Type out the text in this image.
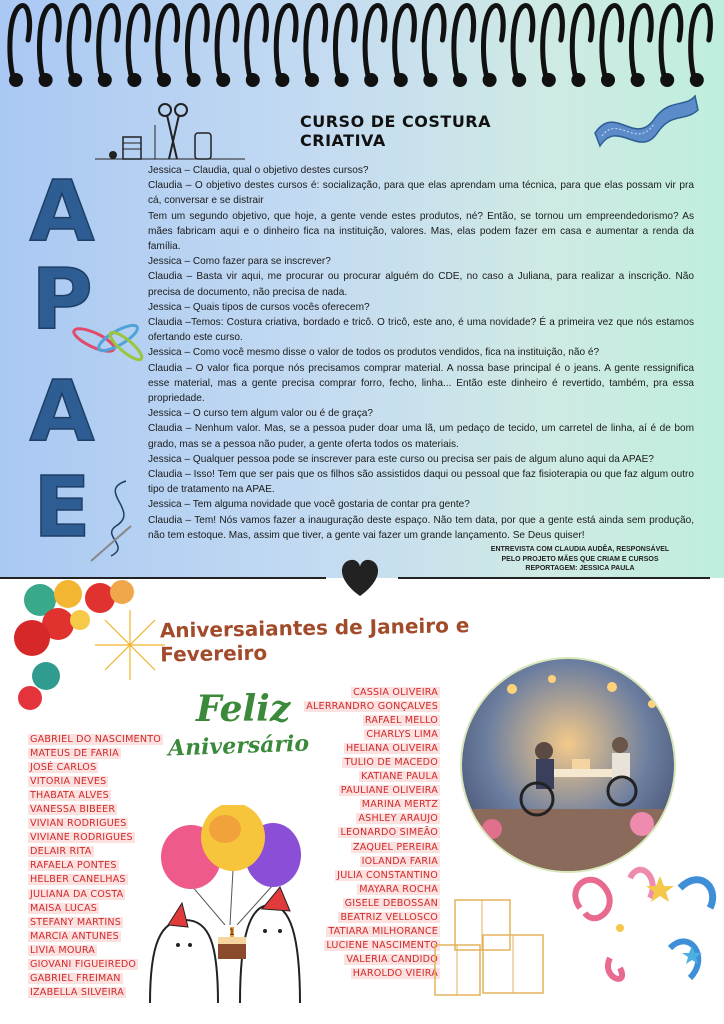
CURSO DE COSTURA CRIATIVA
A
P
A
E

Jessica – Claudia, qual o objetivo destes cursos?

Claudia – O objetivo destes cursos é: socialização, para que elas aprendam uma técnica, para que elas possam vir pra cá, conversar e se distrair

Tem um segundo objetivo, que hoje, a gente vende estes produtos, né? Então, se tornou um empreendedorismo? As mães fabricam aqui e o dinheiro fica na instituição, valores. Mas, elas podem fazer em casa e aumentar a renda da família.

Jessica – Como fazer para se inscrever?

Claudia – Basta vir aqui, me procurar ou procurar alguém do CDE, no caso a Juliana, para realizar a inscrição. Não precisa de documento, não precisa de nada.

Jessica – Quais tipos de cursos vocês oferecem?

Claudia –Temos: Costura criativa, bordado e tricô. O tricô, este ano, é uma novidade? É a primeira vez que nós estamos ofertando este curso.

Jessica – Como você mesmo disse o valor de todos os produtos vendidos, fica na instituição, não é?

Claudia – O valor fica porque nós precisamos comprar material. A nossa base principal é o jeans. A gente ressignifica esse material, mas a gente precisa comprar forro, fecho, linha... Então este dinheiro é revertido, também, pra essa propriedade.

Jessica – O curso tem algum valor ou é de graça?

Claudia – Nenhum valor. Mas, se a pessoa puder doar uma lã, um pedaço de tecido, um carretel de linha, aí é de bom grado, mas se a pessoa não puder, a gente oferta todos os materiais.

Jessica – Qualquer pessoa pode se inscrever para este curso ou precisa ser pais de algum aluno aqui da APAE?

Claudia – Isso! Tem que ser pais que os filhos são assistidos daqui ou pessoal que faz fisioterapia ou que faz algum outro tipo de tratamento na APAE.

Jessica – Tem alguma novidade que você gostaria de contar pra gente?

Claudia – Tem! Nós vamos fazer a inauguração deste espaço. Não tem data, por que a gente está ainda sem produção, não tem estoque. Mas, assim que tiver, a gente vai fazer um grande lançamento. Se Deus quiser!

ENTREVISTA COM CLAUDIA AUDÊA, RESPONSÁVEL
PELO PROJETO MÃES QUE CRIAM E CURSOS
REPORTAGEM: JESSICA PAULA
Aniversaiantes de Janeiro e Fevereiro
Feliz
Aniversário
GABRIEL DO NASCIMENTO
MATEUS DE FARIA
JOSÉ CARLOS
VITORIA NEVES
THABATA ALVES
VANESSA BIBEER
VIVIAN RODRIGUES
VIVIANE RODRIGUES
DELAIR RITA
RAFAELA PONTES
HELBER CANELHAS
JULIANA DA COSTA
MAISA LUCAS
STEFANY MARTINS
MARCIA ANTUNES
LIVIA MOURA
GIOVANI FIGUEIREDO
GABRIEL FREIMAN
IZABELLA SILVEIRA
CASSIA OLIVEIRA
ALERRANDRO GONÇALVES
RAFAEL MELLO
CHARLYS LIMA
HELIANA OLIVEIRA
TULIO DE MACEDO
KATIANE PAULA
PAULIANE OLIVEIRA
MARINA MERTZ
ASHLEY ARAUJO
LEONARDO SIMEÃO
ZAQUEL PEREIRA
IOLANDA FARIA
JULIA CONSTANTINO
MAYARA ROCHA
GISELE DEBOSSAN
BEATRIZ VELLOSCO
TATIARA MILHORANCE
LUCIENE NASCIMENTO
VALERIA CANDIDO
HAROLDO VIEIRA
1
